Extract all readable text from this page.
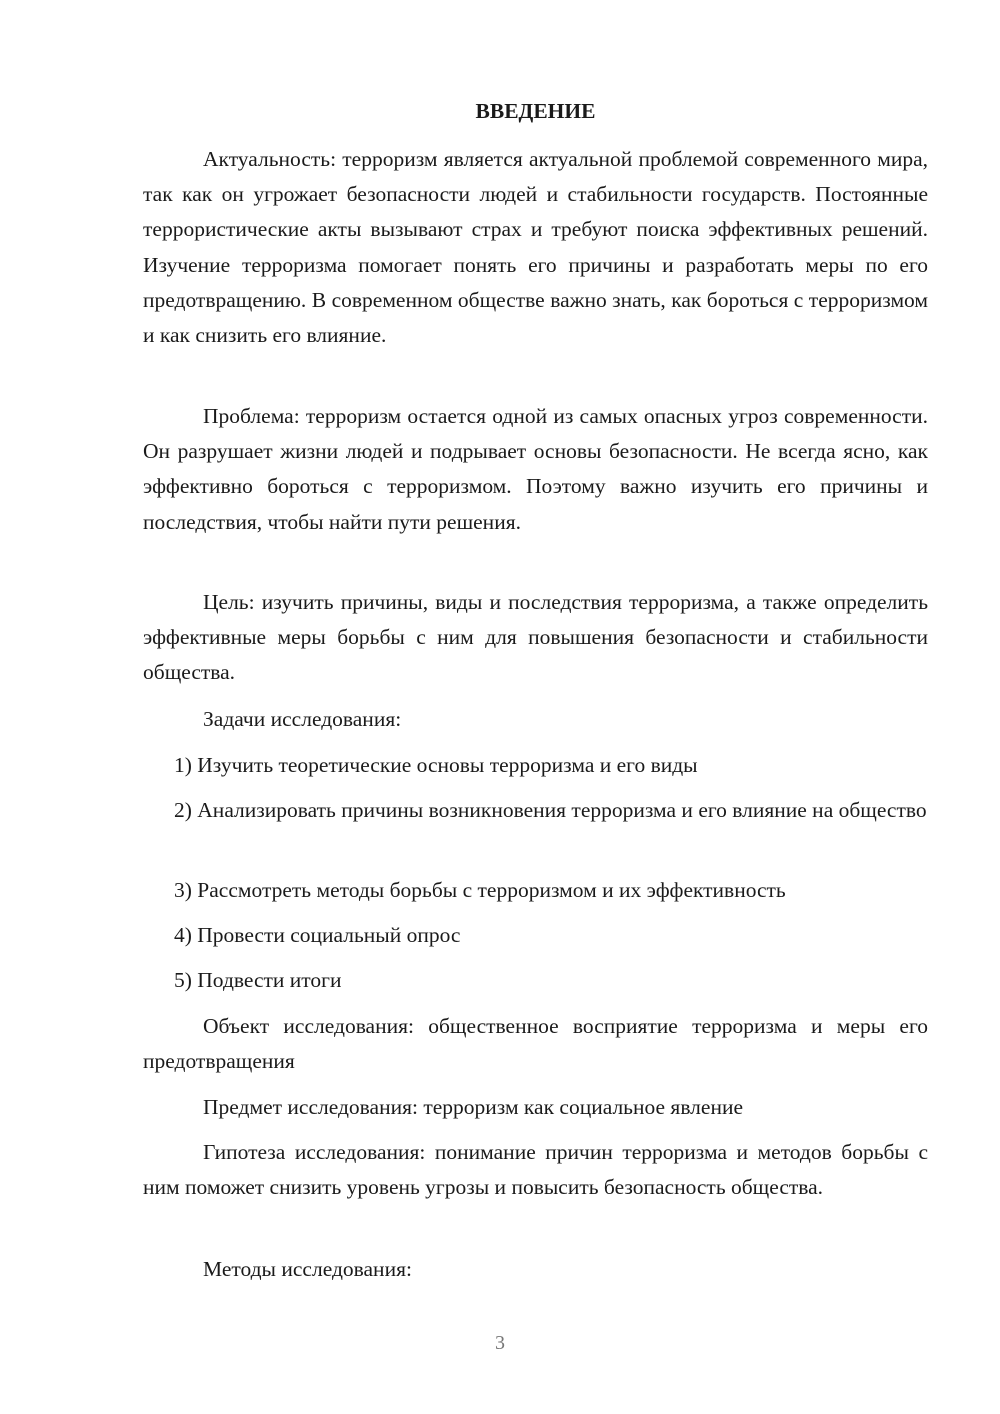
ВВЕДЕНИЕ

Актуальность: терроризм является актуальной проблемой современного мира, так как он угрожает безопасности людей и стабильности государств. Постоянные террористические акты вызывают страх и требуют поиска эффективных решений. Изучение терроризма помогает понять его причины и разработать меры по его предотвращению. В современном обществе важно знать, как бороться с терроризмом и как снизить его влияние.

Проблема: терроризм остается одной из самых опасных угроз современности. Он разрушает жизни людей и подрывает основы безопасности. Не всегда ясно, как эффективно бороться с терроризмом. Поэтому важно изучить его причины и последствия, чтобы найти пути решения.

Цель: изучить причины, виды и последствия терроризма, а также определить эффективные меры борьбы с ним для повышения безопасности и стабильности общества.

Задачи исследования:

1) Изучить теоретические основы терроризма и его виды

2) Анализировать причины возникновения терроризма и его влияние на общество

3) Рассмотреть методы борьбы с терроризмом и их эффективность

4) Провести социальный опрос

5) Подвести итоги

Объект исследования: общественное восприятие терроризма и меры его предотвращения

Предмет исследования: терроризм как социальное явление

Гипотеза исследования: понимание причин терроризма и методов борьбы с ним поможет снизить уровень угрозы и повысить безопасность общества.

Методы исследования:

3
